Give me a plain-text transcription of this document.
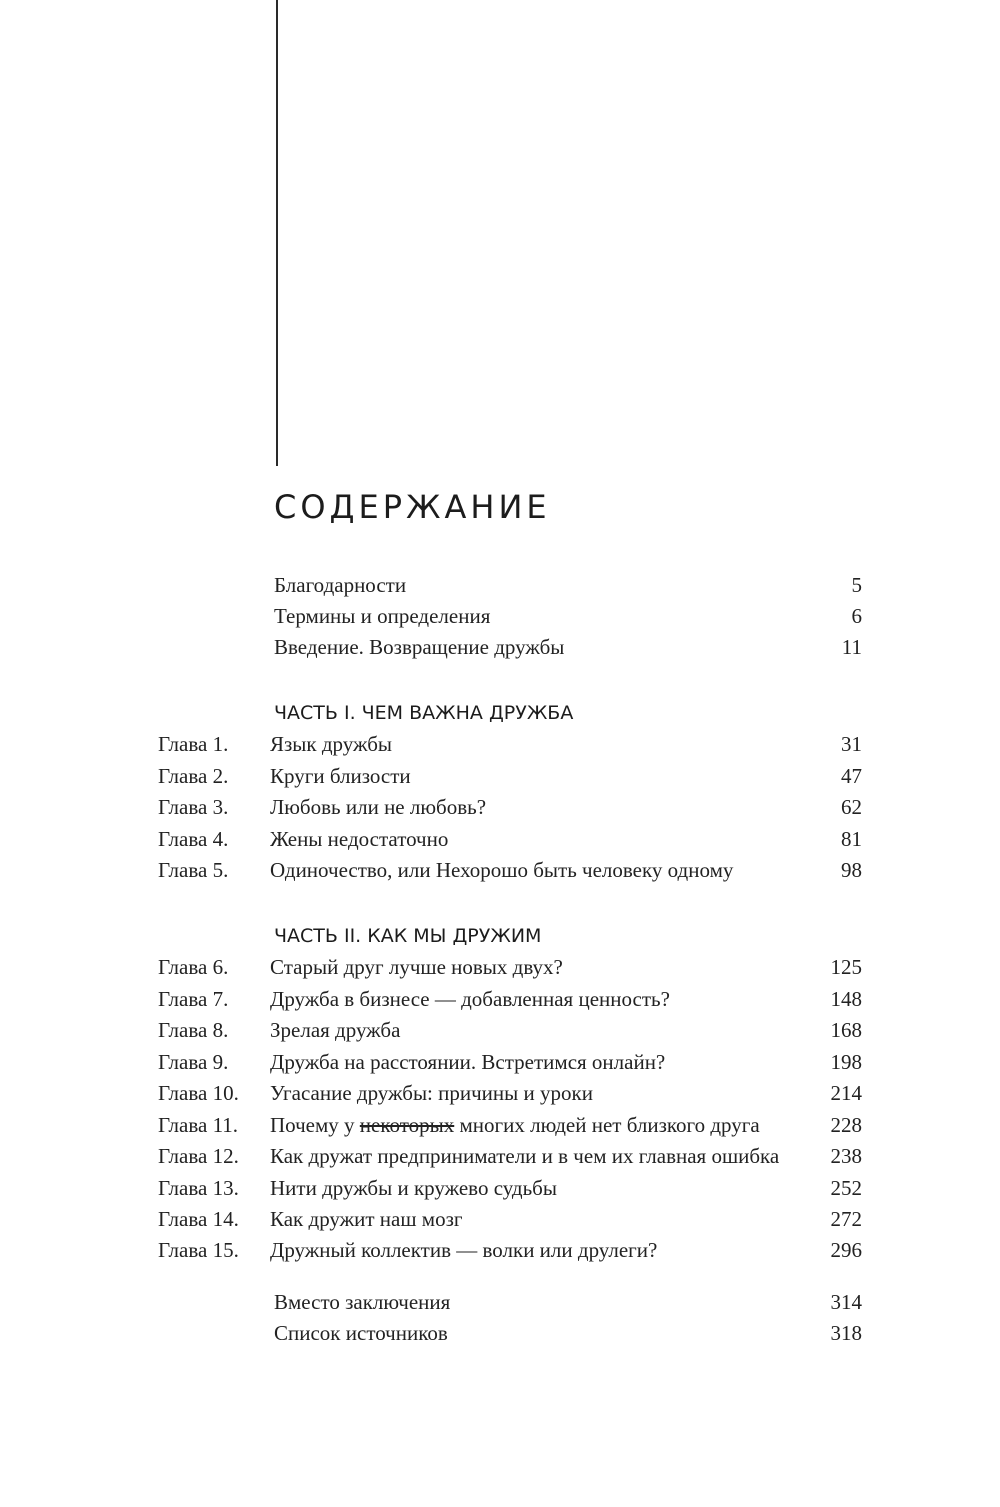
СОДЕРЖАНИЕ
Благодарности	5
Термины и определения	6
Введение. Возвращение дружбы	11
ЧАСТЬ I. ЧЕМ ВАЖНА ДРУЖБА
Глава 1. Язык дружбы	31
Глава 2. Круги близости	47
Глава 3. Любовь или не любовь?	62
Глава 4. Жены недостаточно	81
Глава 5. Одиночество, или Нехорошо быть человеку одному	98
ЧАСТЬ II. КАК МЫ ДРУЖИМ
Глава 6. Старый друг лучше новых двух?	125
Глава 7. Дружба в бизнесе — добавленная ценность?	148
Глава 8. Зрелая дружба	168
Глава 9. Дружба на расстоянии. Встретимся онлайн?	198
Глава 10. Угасание дружбы: причины и уроки	214
Глава 11. Почему у некоторых многих людей нет близкого друга	228
Глава 12. Как дружат предприниматели и в чем их главная ошибка 238
Глава 13. Нити дружбы и кружево судьбы	252
Глава 14. Как дружит наш мозг	272
Глава 15. Дружный коллектив — волки или друлеги?	296
Вместо заключения	314
Список источников	318
